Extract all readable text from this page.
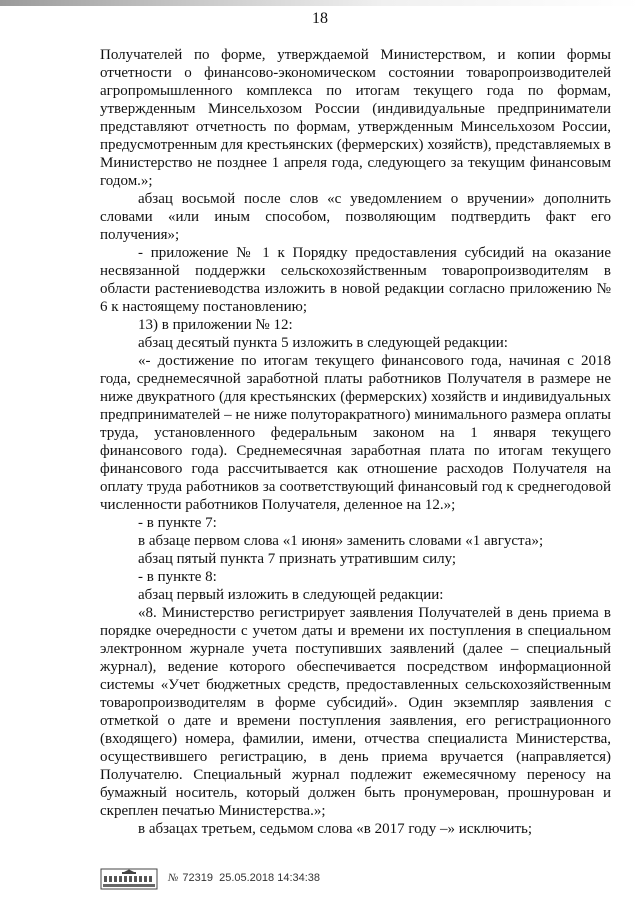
18

Получателей по форме, утверждаемой Министерством, и копии формы отчетности о финансово-экономическом состоянии товаропроизводителей агропромышленного комплекса по итогам текущего года по формам, утвержденным Минсельхозом России (индивидуальные предприниматели представляют отчетность по формам, утвержденным Минсельхозом России, предусмотренным для крестьянских (фермерских) хозяйств), представляемых в Министерство не позднее 1 апреля года, следующего за текущим финансовым годом.»;

абзац восьмой после слов «с уведомлением о вручении» дополнить словами «или иным способом, позволяющим подтвердить факт его получения»;

- приложение № 1 к Порядку предоставления субсидий на оказание несвязанной поддержки сельскохозяйственным товаропроизводителям в области растениеводства изложить в новой редакции согласно приложению № 6 к настоящему постановлению;

13) в приложении № 12:

абзац десятый пункта 5 изложить в следующей редакции:

«- достижение по итогам текущего финансового года, начиная с 2018 года, среднемесячной заработной платы работников Получателя в размере не ниже двукратного (для крестьянских (фермерских) хозяйств и индивидуальных предпринимателей – не ниже полуторакратного) минимального размера оплаты труда, установленного федеральным законом на 1 января текущего финансового года). Среднемесячная заработная плата по итогам текущего финансового года рассчитывается как отношение расходов Получателя на оплату труда работников за соответствующий финансовый год к среднегодовой численности работников Получателя, деленное на 12.»;

- в пункте 7:

в абзаце первом слова «1 июня» заменить словами «1 августа»;

абзац пятый пункта 7 признать утратившим силу;

- в пункте 8:

абзац первый изложить в следующей редакции:

«8. Министерство регистрирует заявления Получателей в день приема в порядке очередности с учетом даты и времени их поступления в специальном электронном журнале учета поступивших заявлений (далее – специальный журнал), ведение которого обеспечивается посредством информационной системы «Учет бюджетных средств, предоставленных сельскохозяйственным товаропроизводителям в форме субсидий». Один экземпляр заявления с отметкой о дате и времени поступления заявления, его регистрационного (входящего) номера, фамилии, имени, отчества специалиста Министерства, осуществившего регистрацию, в день приема вручается (направляется) Получателю. Специальный журнал подлежит ежемесячному переносу на бумажный носитель, который должен быть пронумерован, прошнурован и скреплен печатью Министерства.»;

в абзацах третьем, седьмом слова «в 2017 году –» исключить;

№ 72319 25.05.2018 14:34:38
